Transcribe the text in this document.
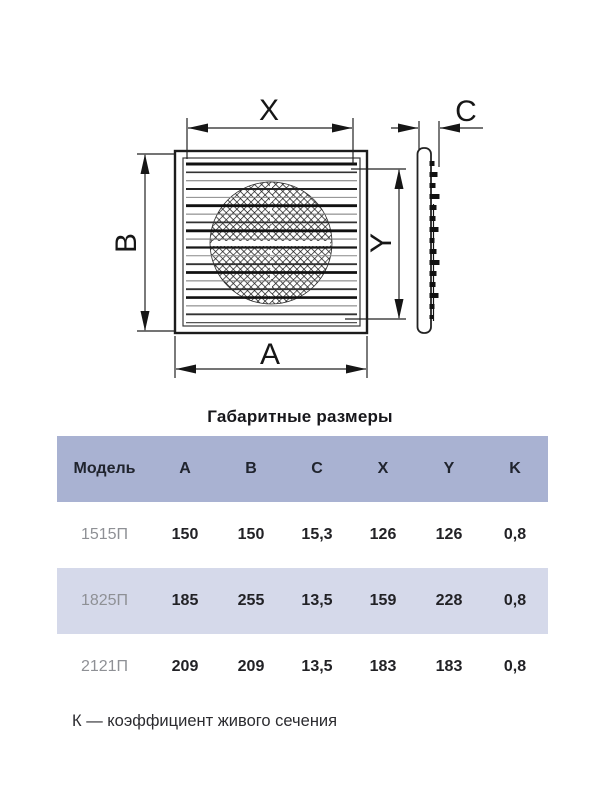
X	C
B	Y
A
Габаритные размеры
Модель	A	B	C	X	Y	K
1515П	150	150	15,3	126	126	0,8
1825П	185	255	13,5	159	228	0,8
2121П	209	209	13,5	183	183	0,8
К — коэффициент живого сечения
